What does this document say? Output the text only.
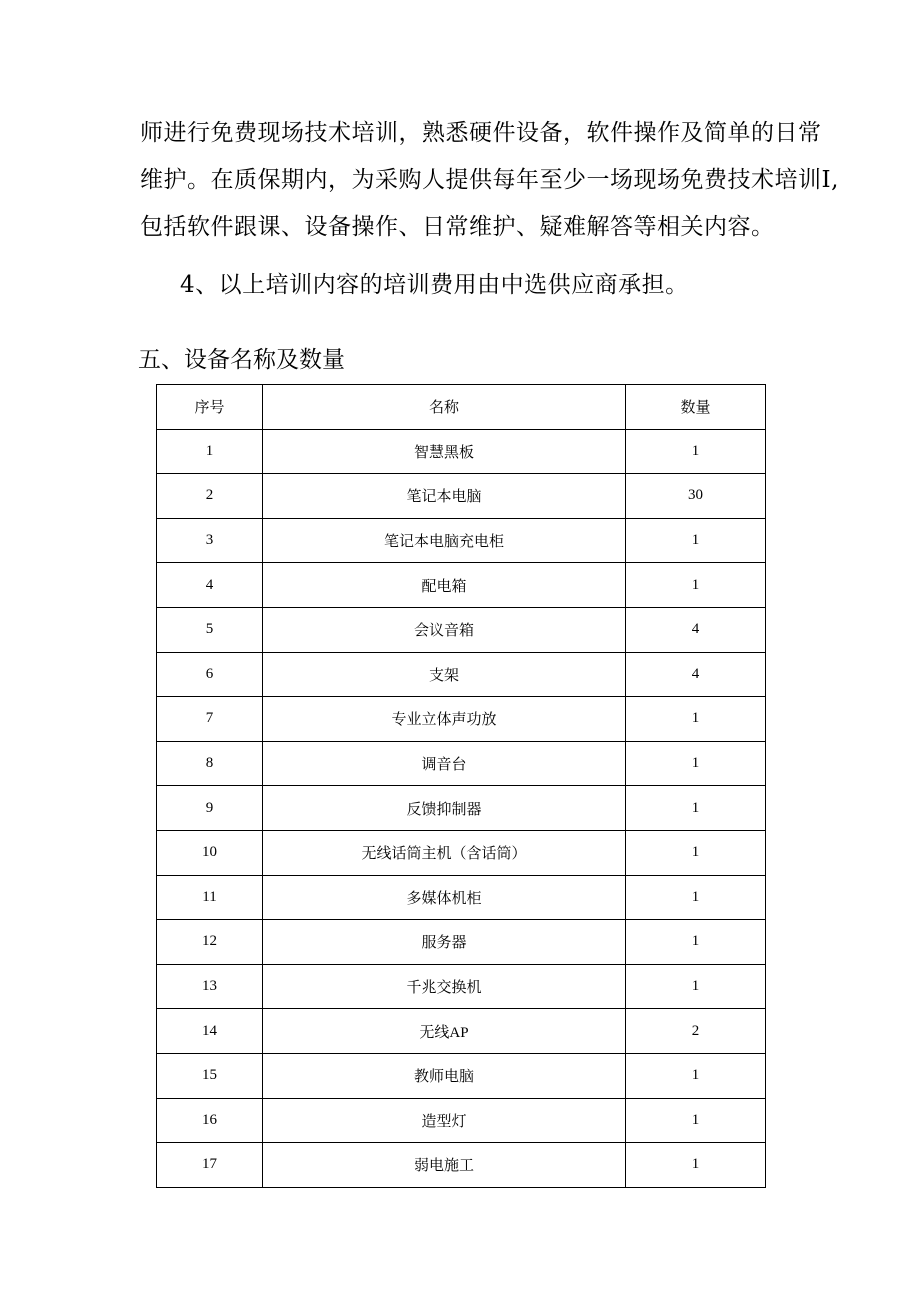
师进行免费现场技术培训，熟悉硬件设备，软件操作及简单的日常
维护。在质保期内，为采购人提供每年至少一场现场免费技术培训I,
包括软件跟课、设备操作、日常维护、疑难解答等相关内容。

4、以上培训内容的培训费用由中选供应商承担。

五、设备名称及数量
序号	名称	数量
1	智慧黑板	1
2	笔记本电脑	30
3	笔记本电脑充电柜	1
4	配电箱	1
5	会议音箱	4
6	支架	4
7	专业立体声功放	1
8	调音台	1
9	反馈抑制器	1
10	无线话筒主机（含话筒）	1
11	多媒体机柜	1
12	服务器	1
13	千兆交换机	1
14	无线AP	2
15	教师电脑	1
16	造型灯	1
17	弱电施工	1
